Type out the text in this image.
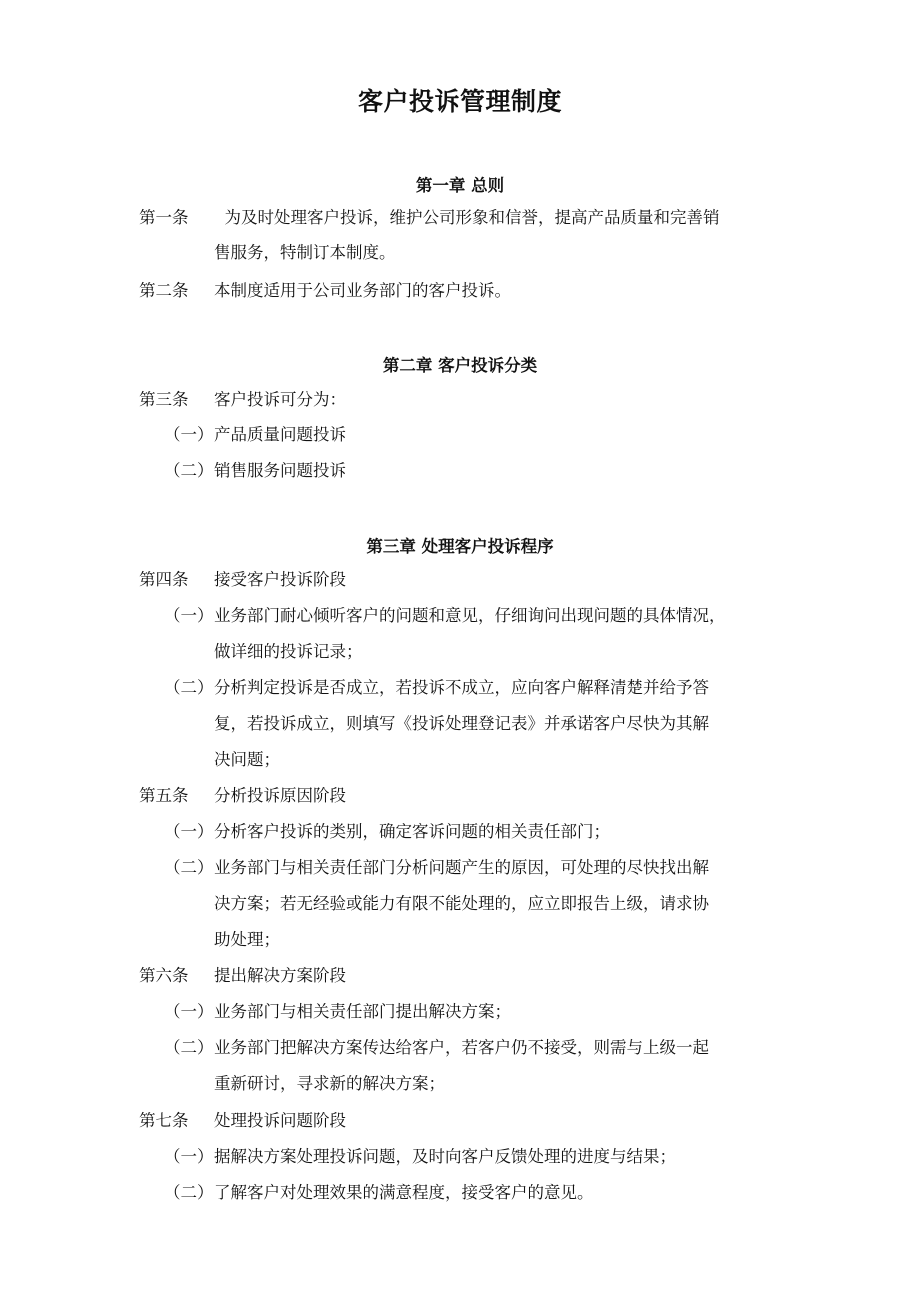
客户投诉管理制度
第一章 总则
第一条  为及时处理客户投诉，维护公司形象和信誉，提高产品质量和完善销
售服务，特制订本制度。
第二条 本制度适用于公司业务部门的客户投诉。
第二章 客户投诉分类
第三条 客户投诉可分为：
（一）产品质量问题投诉
（二）销售服务问题投诉
第三章 处理客户投诉程序
第四条 接受客户投诉阶段
（一）业务部门耐心倾听客户的问题和意见，仔细询问出现问题的具体情况，
做详细的投诉记录；
（二）分析判定投诉是否成立，若投诉不成立，应向客户解释清楚并给予答
复，若投诉成立，则填写《投诉处理登记表》并承诺客户尽快为其解
决问题；
第五条 分析投诉原因阶段
（一）分析客户投诉的类别，确定客诉问题的相关责任部门；
（二）业务部门与相关责任部门分析问题产生的原因，可处理的尽快找出解
决方案；若无经验或能力有限不能处理的，应立即报告上级，请求协
助处理；
第六条 提出解决方案阶段
（一）业务部门与相关责任部门提出解决方案；
（二）业务部门把解决方案传达给客户，若客户仍不接受，则需与上级一起
重新研讨，寻求新的解决方案；
第七条 处理投诉问题阶段
（一）据解决方案处理投诉问题，及时向客户反馈处理的进度与结果；
（二）了解客户对处理效果的满意程度，接受客户的意见。
